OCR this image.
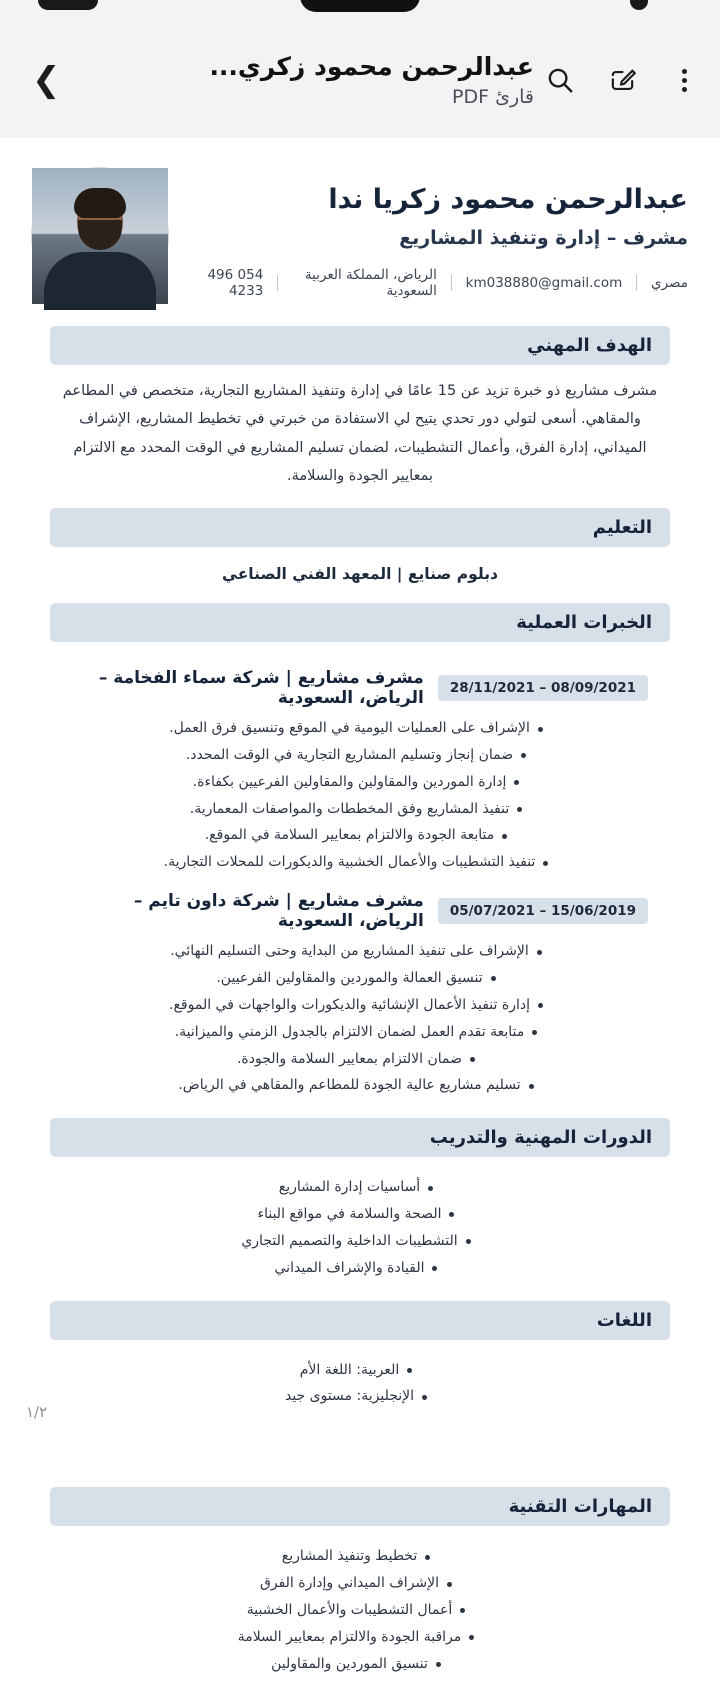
❯	عبدالرحمن محمود زكري...
قارئ PDF
عبدالرحمن محمود زكريا ندا
مشرف – إدارة وتنفيذ المشاريع
054 496 4233
الرياض، المملكة العربية السعودية km038880@gmail.com مصري
الهدف المهني
مشرف مشاريع ذو خبرة تزيد عن 15 عامًا في إدارة وتنفيذ المشاريع التجارية، متخصص في المطاعم والمقاهي. أسعى لتولي دور تحدي يتيح لي الاستفادة من خبرتي في تخطيط المشاريع، الإشراف الميداني، إدارة الفرق، وأعمال التشطيبات، لضمان تسليم المشاريع في الوقت المحدد مع الالتزام بمعايير الجودة والسلامة.
التعليم
دبلوم صنايع | المعهد الفني الصناعي
الخبرات العملية
مشرف مشاريع | شركة سماء الفخامة – الرياض، السعودية	28/11/2021 – 08/09/2021
الإشراف على العمليات اليومية في الموقع وتنسيق فرق العمل.
ضمان إنجاز وتسليم المشاريع التجارية في الوقت المحدد.
إدارة الموردين والمقاولين والمقاولين الفرعيين بكفاءة.
تنفيذ المشاريع وفق المخططات والمواصفات المعمارية.
متابعة الجودة والالتزام بمعايير السلامة في الموقع.
تنفيذ التشطيبات والأعمال الخشبية والديكورات للمحلات التجارية.
مشرف مشاريع | شركة داون تايم – الرياض، السعودية	05/07/2021 – 15/06/2019
الإشراف على تنفيذ المشاريع من البداية وحتى التسليم النهائي.
تنسيق العمالة والموردين والمقاولين الفرعيين.
إدارة تنفيذ الأعمال الإنشائية والديكورات والواجهات في الموقع.
متابعة تقدم العمل لضمان الالتزام بالجدول الزمني والميزانية.
ضمان الالتزام بمعايير السلامة والجودة.
تسليم مشاريع عالية الجودة للمطاعم والمقاهي في الرياض.
الدورات المهنية والتدريب
أساسيات إدارة المشاريع
الصحة والسلامة في مواقع البناء
التشطيبات الداخلية والتصميم التجاري
القيادة والإشراف الميداني
اللغات
العربية: اللغة الأم
الإنجليزية: مستوى جيد
١/٢
المهارات التقنية
تخطيط وتنفيذ المشاريع
الإشراف الميداني وإدارة الفرق
أعمال التشطيبات والأعمال الخشبية
مراقبة الجودة والالتزام بمعايير السلامة
تنسيق الموردين والمقاولين
